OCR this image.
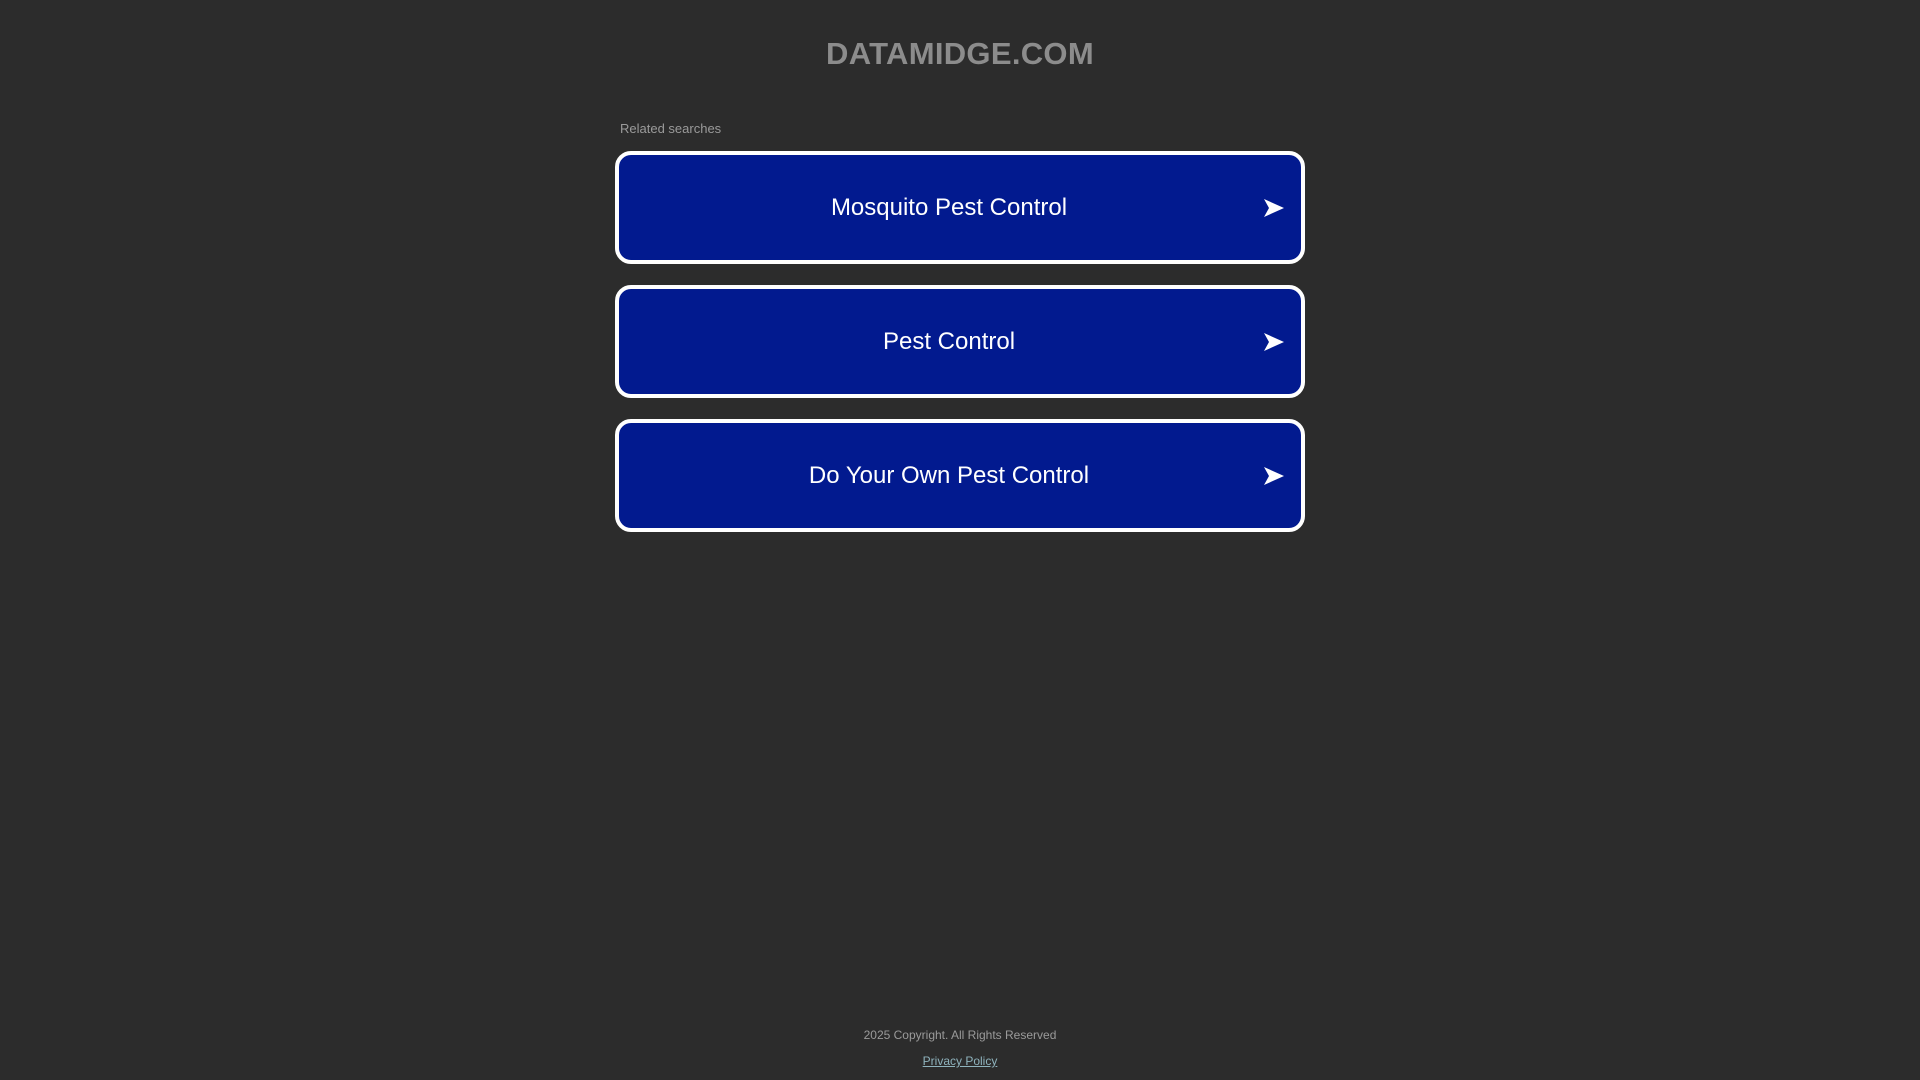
DATAMIDGE.COM
Related searches
Mosquito Pest Control
Pest Control
Do Your Own Pest Control
2025 Copyright. All Rights Reserved
Privacy Policy
